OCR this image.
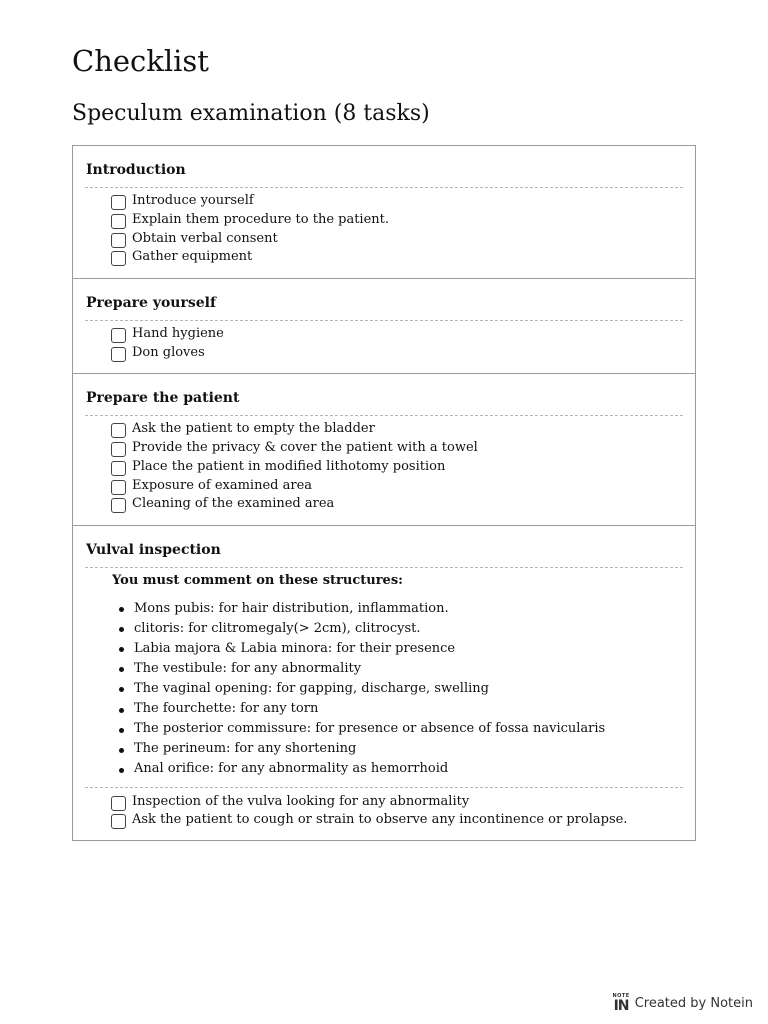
Checklist
Speculum examination (8 tasks)
Introduction
Introduce yourself
Explain them procedure to the patient.
Obtain verbal consent
Gather equipment
Prepare yourself
Hand hygiene
Don gloves
Prepare the patient
Ask the patient to empty the bladder
Provide the privacy & cover the patient with a towel
Place the patient in modified lithotomy position
Exposure of examined area
Cleaning of the examined area
Vulval inspection
You must comment on these structures:
Mons pubis: for hair distribution, inflammation.
clitoris: for clitromegaly(> 2cm), clitrocyst.
Labia majora & Labia minora: for their presence
The vestibule: for any abnormality
The vaginal opening: for gapping, discharge, swelling
The fourchette: for any torn
The posterior commissure: for presence or absence of fossa navicularis
The perineum: for any shortening
Anal orifice: for any abnormality as hemorrhoid
Inspection of the vulva looking for any abnormality
Ask the patient to cough or strain to observe any incontinence or prolapse.
NOTE
IN Created by Notein
